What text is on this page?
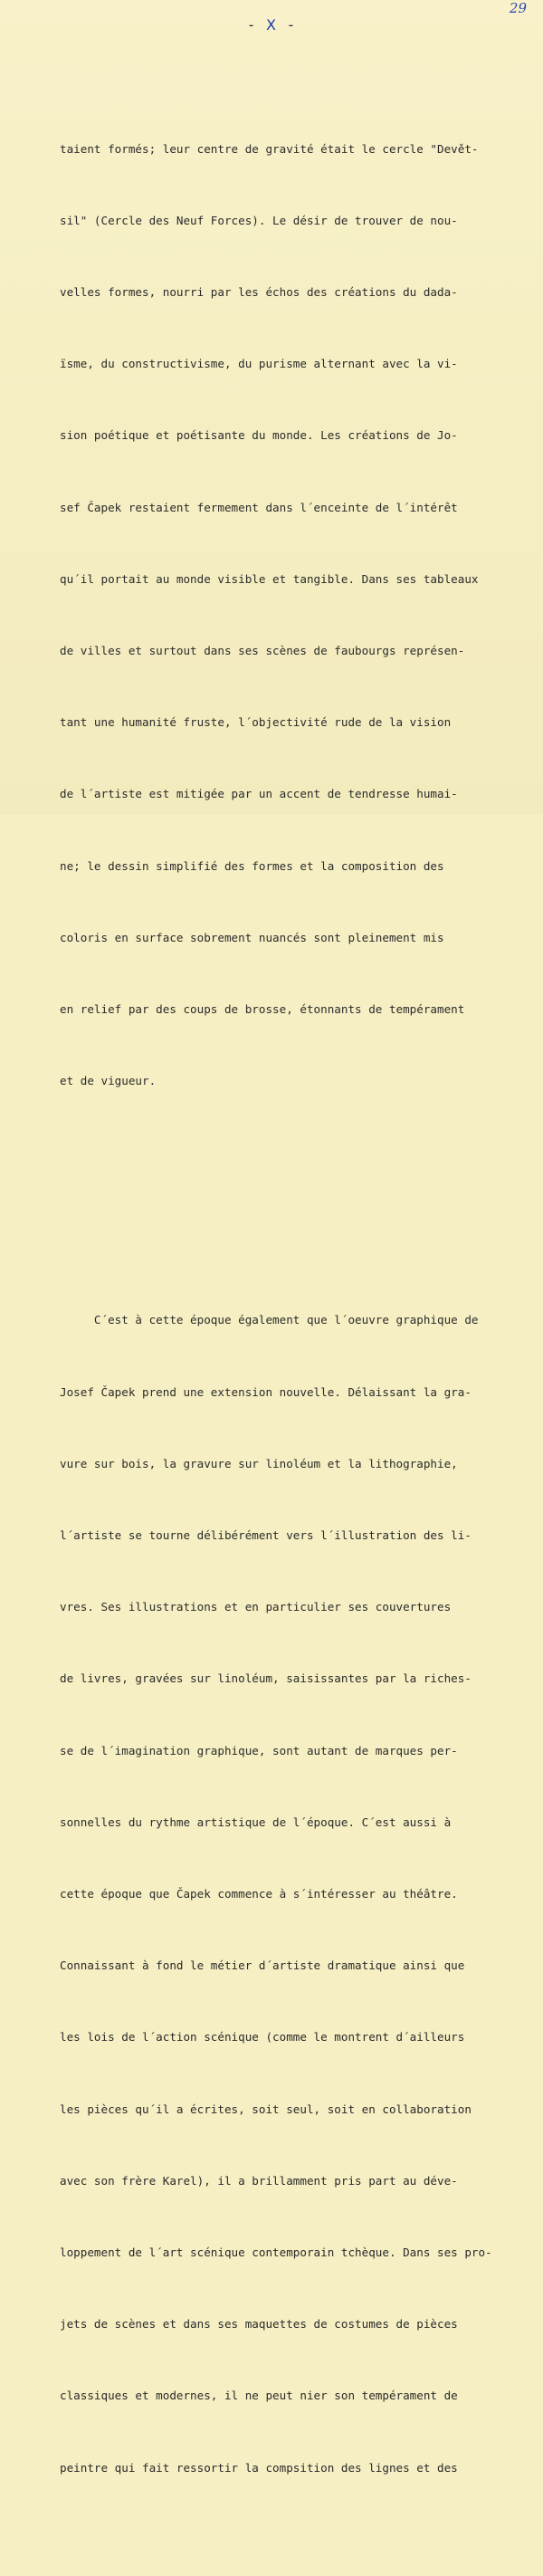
- X -
29

taient formés; leur centre de gravité était le cercle "Devět-

sil" (Cercle des Neuf Forces). Le désir de trouver de nou-

velles formes, nourri par les échos des créations du dada-

ïsme, du constructivisme, du purisme alternant avec la vi-

sion poétique et poétisante du monde. Les créations de Jo-

sef Čapek restaient fermement dans l´enceinte de l´intérêt

qu´il portait au monde visible et tangible. Dans ses tableaux

de villes et surtout dans ses scènes de faubourgs représen-

tant une humanité fruste, l´objectivité rude de la vision

de l´artiste est mitigée par un accent de tendresse humai-

ne; le dessin simplifié des formes et la composition des

coloris en surface sobrement nuancés sont pleinement mis

en relief par des coups de brosse, étonnants de tempérament

et de vigueur.

C´est à cette époque également que l´oeuvre graphique de

Josef Čapek prend une extension nouvelle. Délaissant la gra-

vure sur bois, la gravure sur linoléum et la lithographie,

l´artiste se tourne délibérément vers l´illustration des li-

vres. Ses illustrations et en particulier ses couvertures

de livres, gravées sur linoléum, saisissantes par la riches-

se de l´imagination graphique, sont autant de marques per-

sonnelles du rythme artistique de l´époque. C´est aussi à

cette époque que Čapek commence à s´intéresser au théâtre.

Connaissant à fond le métier d´artiste dramatique ainsi que

les lois de l´action scénique (comme le montrent d´ailleurs

les pièces qu´il a écrites, soit seul, soit en collaboration

avec son frère Karel), il a brillamment pris part au déve-

loppement de l´art scénique contemporain tchèque. Dans ses pro-

jets de scènes et dans ses maquettes de costumes de pièces

classiques et modernes, il ne peut nier son tempérament de

peintre qui fait ressortir la compsition des lignes et des
